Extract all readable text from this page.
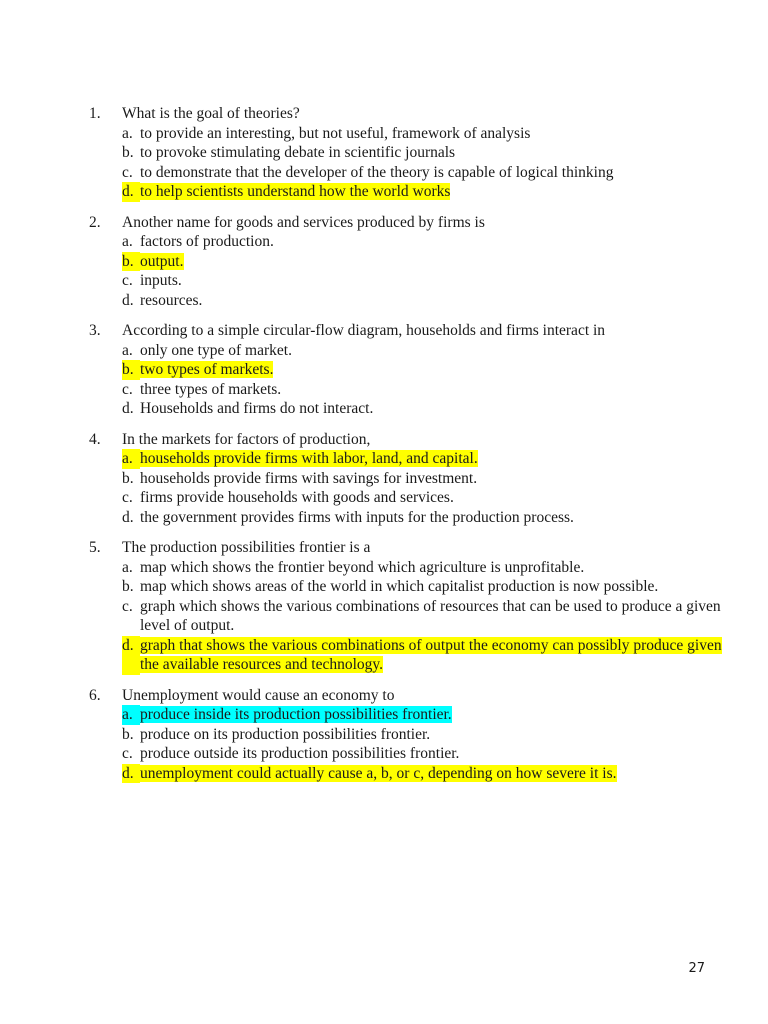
1.	What is the goal of theories?
a. to provide an interesting, but not useful, framework of analysis
b. to provoke stimulating debate in scientific journals
c. to demonstrate that the developer of the theory is capable of logical thinking
d. to help scientists understand how the world works
2.	Another name for goods and services produced by firms is
a. factors of production.
b. output.
c. inputs.
d. resources.
3.	According to a simple circular-flow diagram, households and firms interact in
a. only one type of market.
b. two types of markets.
c. three types of markets.
d. Households and firms do not interact.
4.	In the markets for factors of production,
a. households provide firms with labor, land, and capital.
b. households provide firms with savings for investment.
c. firms provide households with goods and services.
d. the government provides firms with inputs for the production process.
5.	The production possibilities frontier is a
a. map which shows the frontier beyond which agriculture is unprofitable.
b. map which shows areas of the world in which capitalist production is now possible.
c. graph which shows the various combinations of resources that can be used to produce a given level of output.
d. graph that shows the various combinations of output the economy can possibly produce given the available resources and technology.
6.	Unemployment would cause an economy to
a. produce inside its production possibilities frontier.
b. produce on its production possibilities frontier.
c. produce outside its production possibilities frontier.
d. unemployment could actually cause a, b, or c, depending on how severe it is.
27
